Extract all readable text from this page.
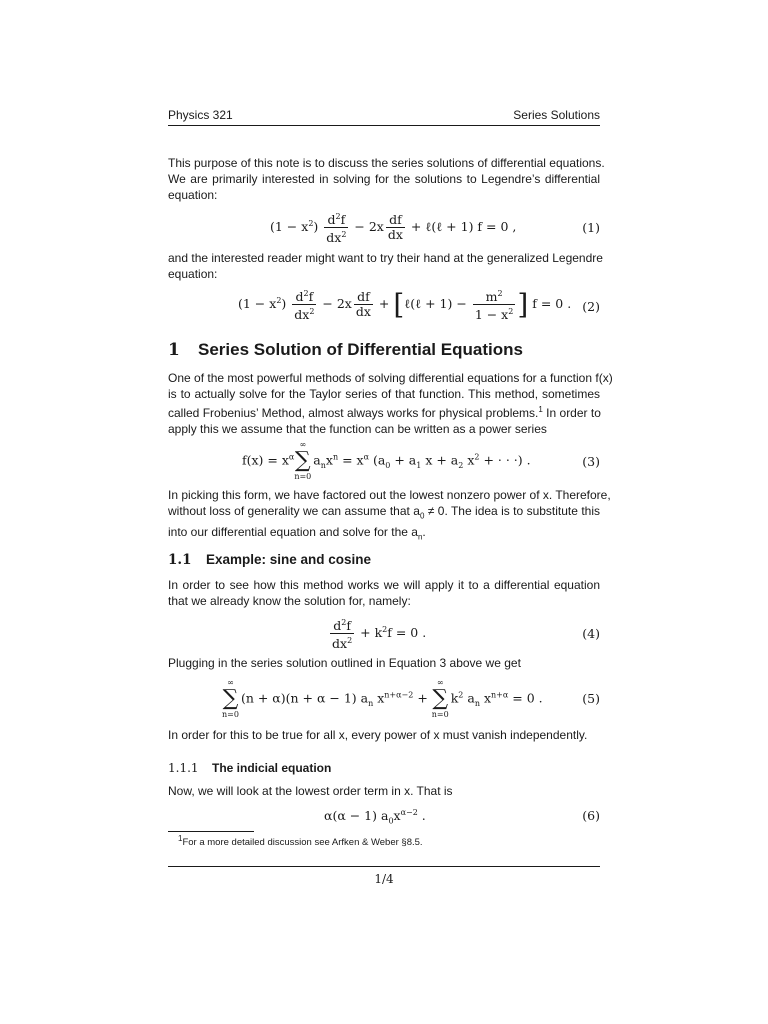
Physics 321	Series Solutions
This purpose of this note is to discuss the series solutions of differential equations.
We are primarily interested in solving for the solutions to Legendre’s differential
equation:
$(1 - x^2) \frac{d^2f}{dx^2} - 2x \frac{df}{dx}$ + ℓ(ℓ + 1) f = 0 ,	(1)
and the interested reader might want to try their hand at the generalized Legendre
equation:
$(1 - x^2) \frac{d^2f}{dx^2} - 2x \frac{df}{dx}$ + [ℓ(ℓ + $1) - \frac{m^2}{1 - x^2}$ ] f = 0 . (2)
1 Series Solution of Differential Equations
One of the most powerful methods of solving differential equations for a function f(x)
is to actually solve for the Taylor series of that function. This method, sometimes
called Frobenius’ Method, almost always works for physical problems.$^1$ In order to
apply this we assume that the function can be written as a power series
$f(x) = x^\alpha$
∞
∑
n=0
$a_nx^n = x^\alpha$ ($a_0 + a_1$ $x + a_2$ $x^2$ + · · ·) .	(3)
In picking this form, we have factored out the lowest nonzero power of x. Therefore,
without loss of generality we can assume that $a_0 \ne 0$. The idea is to substitute this
into our differential equation and solve for the $a_n$.
1.1 Example: sine and cosine
In order to see how this method works we will apply it to a differential equation
that we already know the solution for, namely:
$\frac{d^2f}{dx^2} + k^2f = 0$ .	(4)
Plugging in the series solution outlined in Equation 3 above we get
∞
∑
n=0
(n + α)(n + α − 1) $a_n$ $x^{n+\alpha-2}$ +
∞
∑
n=0
$k^2$ $a_n$ $x^{n+\alpha} = 0$ .	(5)
In order for this to be true for all x, every power of x must vanish independently.
1.1.1 The indicial equation
Now, we will look at the lowest order term in x. That is
α(α − 1) $a_0x^{\alpha-2}$ .	(6)
$^1$For a more detailed discussion see Arfken & Weber §8.5.
1/4
